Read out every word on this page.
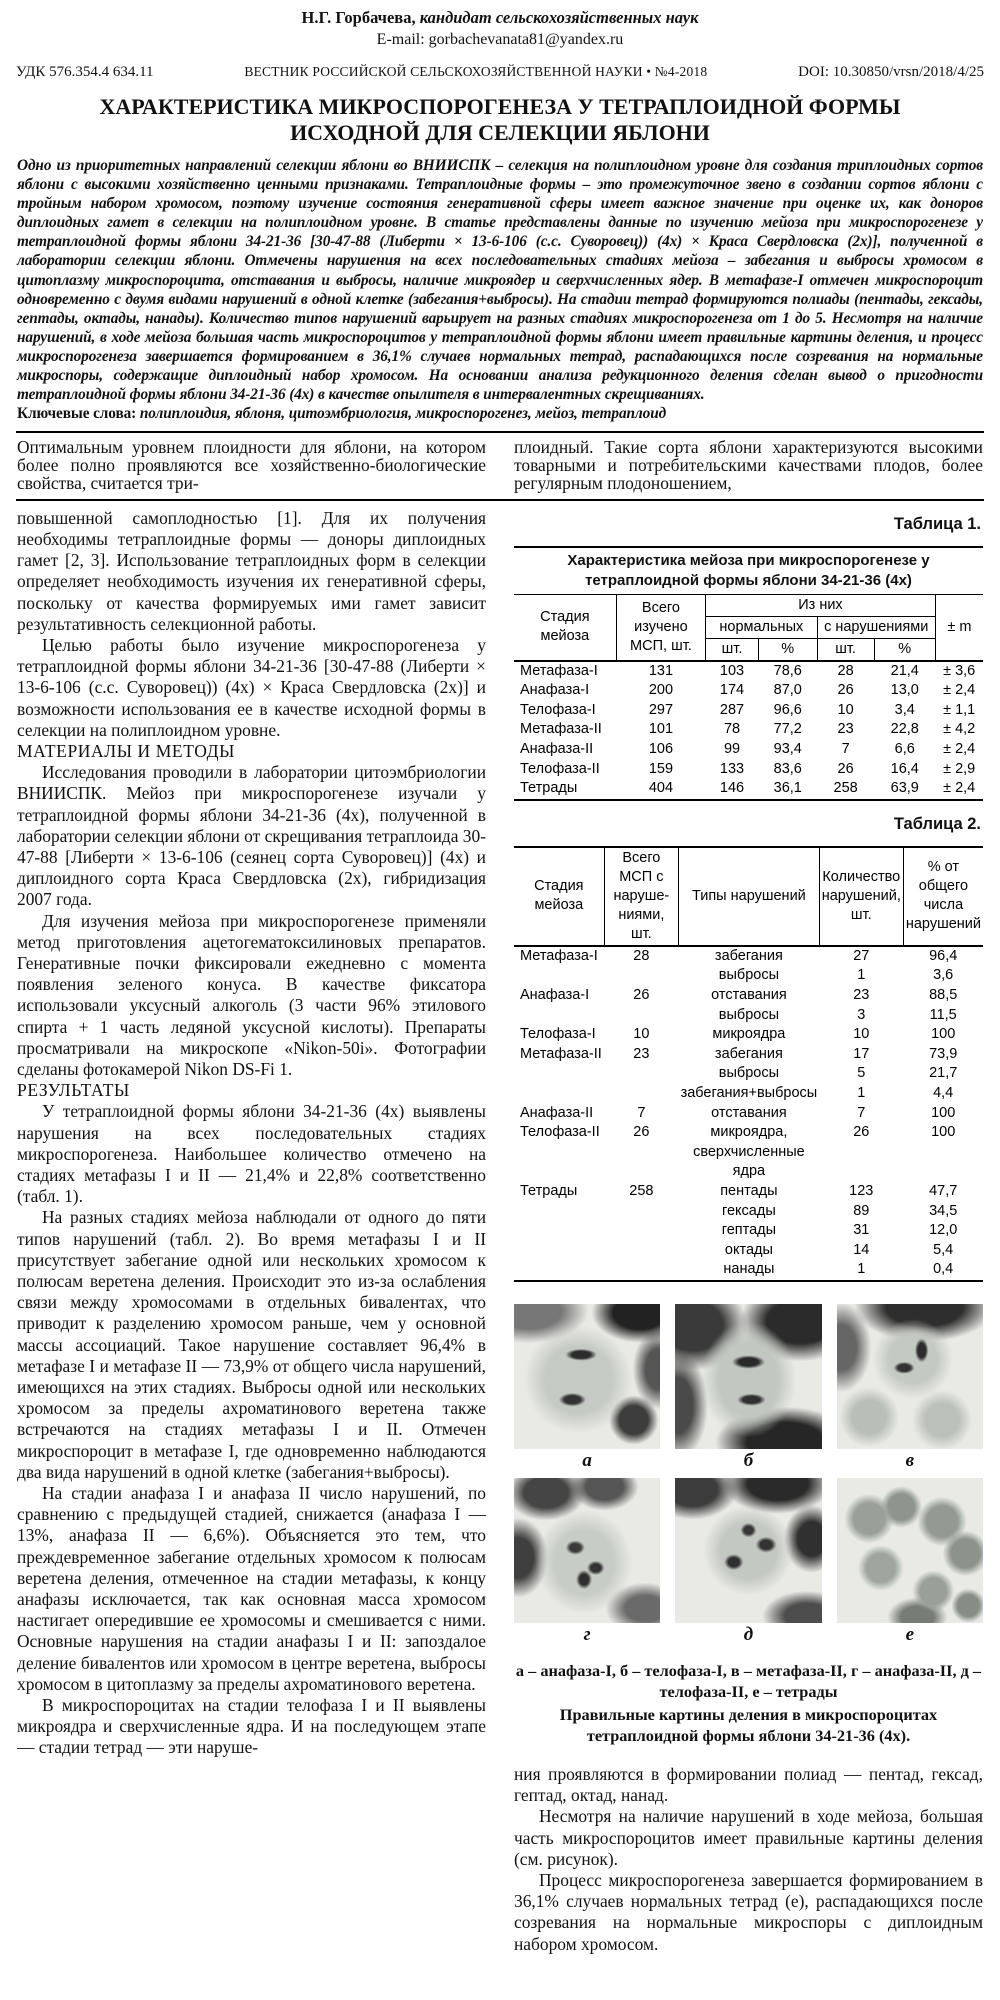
Н.Г. Горбачева, кандидат сельскохозяйственных наук
E-mail: gorbachevanata81@yandex.ru
УДК 576.354.4 634.11	ВЕСТНИК РОССИЙСКОЙ СЕЛЬСКОХОЗЯЙСТВЕННОЙ НАУКИ • №4-2018	DOI: 10.30850/vrsn/2018/4/25
ХАРАКТЕРИСТИКА МИКРОСПОРОГЕНЕЗА У ТЕТРАПЛОИДНОЙ ФОРМЫ
ИСХОДНОЙ ДЛЯ СЕЛЕКЦИИ ЯБЛОНИ
Одно из приоритетных направлений селекции яблони во ВНИИСПК – селекция на полиплоидном уровне для создания триплоидных сортов яблони с высокими хозяйственно ценными признаками. Тетраплоидные формы – это промежуточное звено в создании сортов яблони с тройным набором хромосом, поэтому изучение состояния генеративной сферы имеет важное значение при оценке их, как доноров диплоидных гамет в селекции на полиплоидном уровне. В статье представлены данные по изучению мейоза при микроспорогенезе у тетраплоидной формы яблони 34-21-36 [30-47-88 (Либерти × 13-6-106 (с.с. Суворовец)) (4х) × Краса Свердловска (2х)], полученной в лаборатории селекции яблони. Отмечены нарушения на всех последовательных стадиях мейоза – забегания и выбросы хромосом в цитоплазму микроспороцита, отставания и выбросы, наличие микроядер и сверхчисленных ядер. В метафазе-I отмечен микроспороцит одновременно с двумя видами нарушений в одной клетке (забегания+выбросы). На стадии тетрад формируются полиады (пентады, гексады, гептады, октады, нанады). Количество типов нарушений варьирует на разных стадиях микроспорогенеза от 1 до 5. Несмотря на наличие нарушений, в ходе мейоза большая часть микроспороцитов у тетраплоидной формы яблони имеет правильные картины деления, и процесс микроспорогенеза завершается формированием в 36,1% случаев нормальных тетрад, распадающихся после созревания на нормальные микроспоры, содержащие диплоидный набор хромосом. На основании анализа редукционного деления сделан вывод о пригодности тетраплоидной формы яблони 34-21-36 (4х) в качестве опылителя в интервалентных скрещиваниях.
Ключевые слова: полиплоидия, яблоня, цитоэмбриология, микроспорогенез, мейоз, тетраплоид

Оптимальным уровнем плоидности для яблони, на котором более полно проявляются все хозяйственно-биологические свойства, считается три-

плоидный. Такие сорта яблони характеризуются высокими товарными и потребительскими качествами плодов, более регулярным плодоношением,

повышенной самоплодностью [1]. Для их получения необходимы тетраплоидные формы — доноры диплоидных гамет [2, 3]. Использование тетраплоидных форм в селекции определяет необходимость изучения их генеративной сферы, поскольку от качества формируемых ими гамет зависит результативность селекционной работы.

Целью работы было изучение микроспорогенеза у тетраплоидной формы яблони 34-21-36 [30-47-88 (Либерти × 13-6-106 (с.с. Суворовец)) (4х) × Краса Свердловска (2х)] и возможности использования ее в качестве исходной формы в селекции на полиплоидном уровне.

МАТЕРИАЛЫ И МЕТОДЫ

Исследования проводили в лаборатории цитоэмбриологии ВНИИСПК. Мейоз при микроспорогенезе изучали у тетраплоидной формы яблони 34-21-36 (4х), полученной в лаборатории селекции яблони от скрещивания тетраплоида 30-47-88 [Либерти × 13-6-106 (сеянец сорта Суворовец)] (4х) и диплоидного сорта Краса Свердловска (2х), гибридизация 2007 года.

Для изучения мейоза при микроспорогенезе применяли метод приготовления ацетогематоксилиновых препаратов. Генеративные почки фиксировали ежедневно с момента появления зеленого конуса. В качестве фиксатора использовали уксусный алкоголь (3 части 96% этилового спирта + 1 часть ледяной уксусной кислоты). Препараты просматривали на микроскопе «Nikon-50i». Фотографии сделаны фотокамерой Nikon DS-Fi 1.

РЕЗУЛЬТАТЫ

У тетраплоидной формы яблони 34-21-36 (4х) выявлены нарушения на всех последовательных стадиях микроспорогенеза. Наибольшее количество отмечено на стадиях метафазы I и II — 21,4% и 22,8% соответственно (табл. 1).

На разных стадиях мейоза наблюдали от одного до пяти типов нарушений (табл. 2). Во время метафазы I и II присутствует забегание одной или нескольких хромосом к полюсам веретена деления. Происходит это из-за ослабления связи между хромосомами в отдельных бивалентах, что приводит к разделению хромосом раньше, чем у основной массы ассоциаций. Такое нарушение составляет 96,4% в метафазе I и метафазе II — 73,9% от общего числа нарушений, имеющихся на этих стадиях. Выбросы одной или нескольких хромосом за пределы ахроматинового веретена также встречаются на стадиях метафазы I и II. Отмечен микроспороцит в метафазе I, где одновременно наблюдаются два вида нарушений в одной клетке (забегания+выбросы).

На стадии анафаза I и анафаза II число нарушений, по сравнению с предыдущей стадией, снижается (анафаза I — 13%, анафаза II — 6,6%). Объясняется это тем, что преждевременное забегание отдельных хромосом к полюсам веретена деления, отмеченное на стадии метафазы, к концу анафазы исключается, так как основная масса хромосом настигает опередившие ее хромосомы и смешивается с ними. Основные нарушения на стадии анафазы I и II: запоздалое деление бивалентов или хромосом в центре веретена, выбросы хромосом в цитоплазму за пределы ахроматинового веретена.

В микроспороцитах на стадии телофаза I и II выявлены микроядра и сверхчисленные ядра. И на последующем этапе — стадии тетрад — эти наруше-

Таблица 1.
Характеристика мейоза при микроспорогенезе у тетраплоидной формы яблони 34-21-36 (4х)
Стадия мейоза	Всего изучено МСП, шт.	Из них				± m
		нормальных		с нарушениями		
		шт.	%	шт.	%	
Метафаза-I	131	103	78,6	28	21,4	± 3,6
Анафаза-I	200	174	87,0	26	13,0	± 2,4
Телофаза-I	297	287	96,6	10	3,4	± 1,1
Метафаза-II	101	78	77,2	23	22,8	± 4,2
Анафаза-II	106	99	93,4	7	6,6	± 2,4
Телофаза-II	159	133	83,6	26	16,4	± 2,9
Тетрады	404	146	36,1	258	63,9	± 2,4
Таблица 2.
Стадия мейоза	Всего МСП с наруше- ниями, шт.	Типы нарушений	Количество нарушений, шт.	% от общего числа нарушений
Метафаза-I	28	забегания	27	96,4
		выбросы	1	3,6
Анафаза-I	26	отставания	23	88,5
		выбросы	3	11,5
Телофаза-I	10	микроядра	10	100
Метафаза-II	23	забегания	17	73,9
		выбросы	5	21,7
		забегания+выбросы	1	4,4
Анафаза-II	7	отставания	7	100
Телофаза-II	26	микроядра,	26	100
		сверхчисленные ядра		
Тетрады	258	пентады	123	47,7
		гексады	89	34,5
		гептады	31	12,0
		октады	14	5,4
		нанады	1	0,4
а	б	в
г	д	е
а – анафаза-I, б – телофаза-I, в – метафаза-II, г – анафаза-II, д – телофаза-II, е – тетрады
Правильные картины деления в микроспороцитах тетраплоидной формы яблони 34-21-36 (4х).

ния проявляются в формировании полиад — пентад, гексад, гептад, октад, нанад.

Несмотря на наличие нарушений в ходе мейоза, большая часть микроспороцитов имеет правильные картины деления (см. рисунок).

Процесс микроспорогенеза завершается формированием в 36,1% случаев нормальных тетрад (е), распадающихся после созревания на нормальные микроспоры с диплоидным набором хромосом.
